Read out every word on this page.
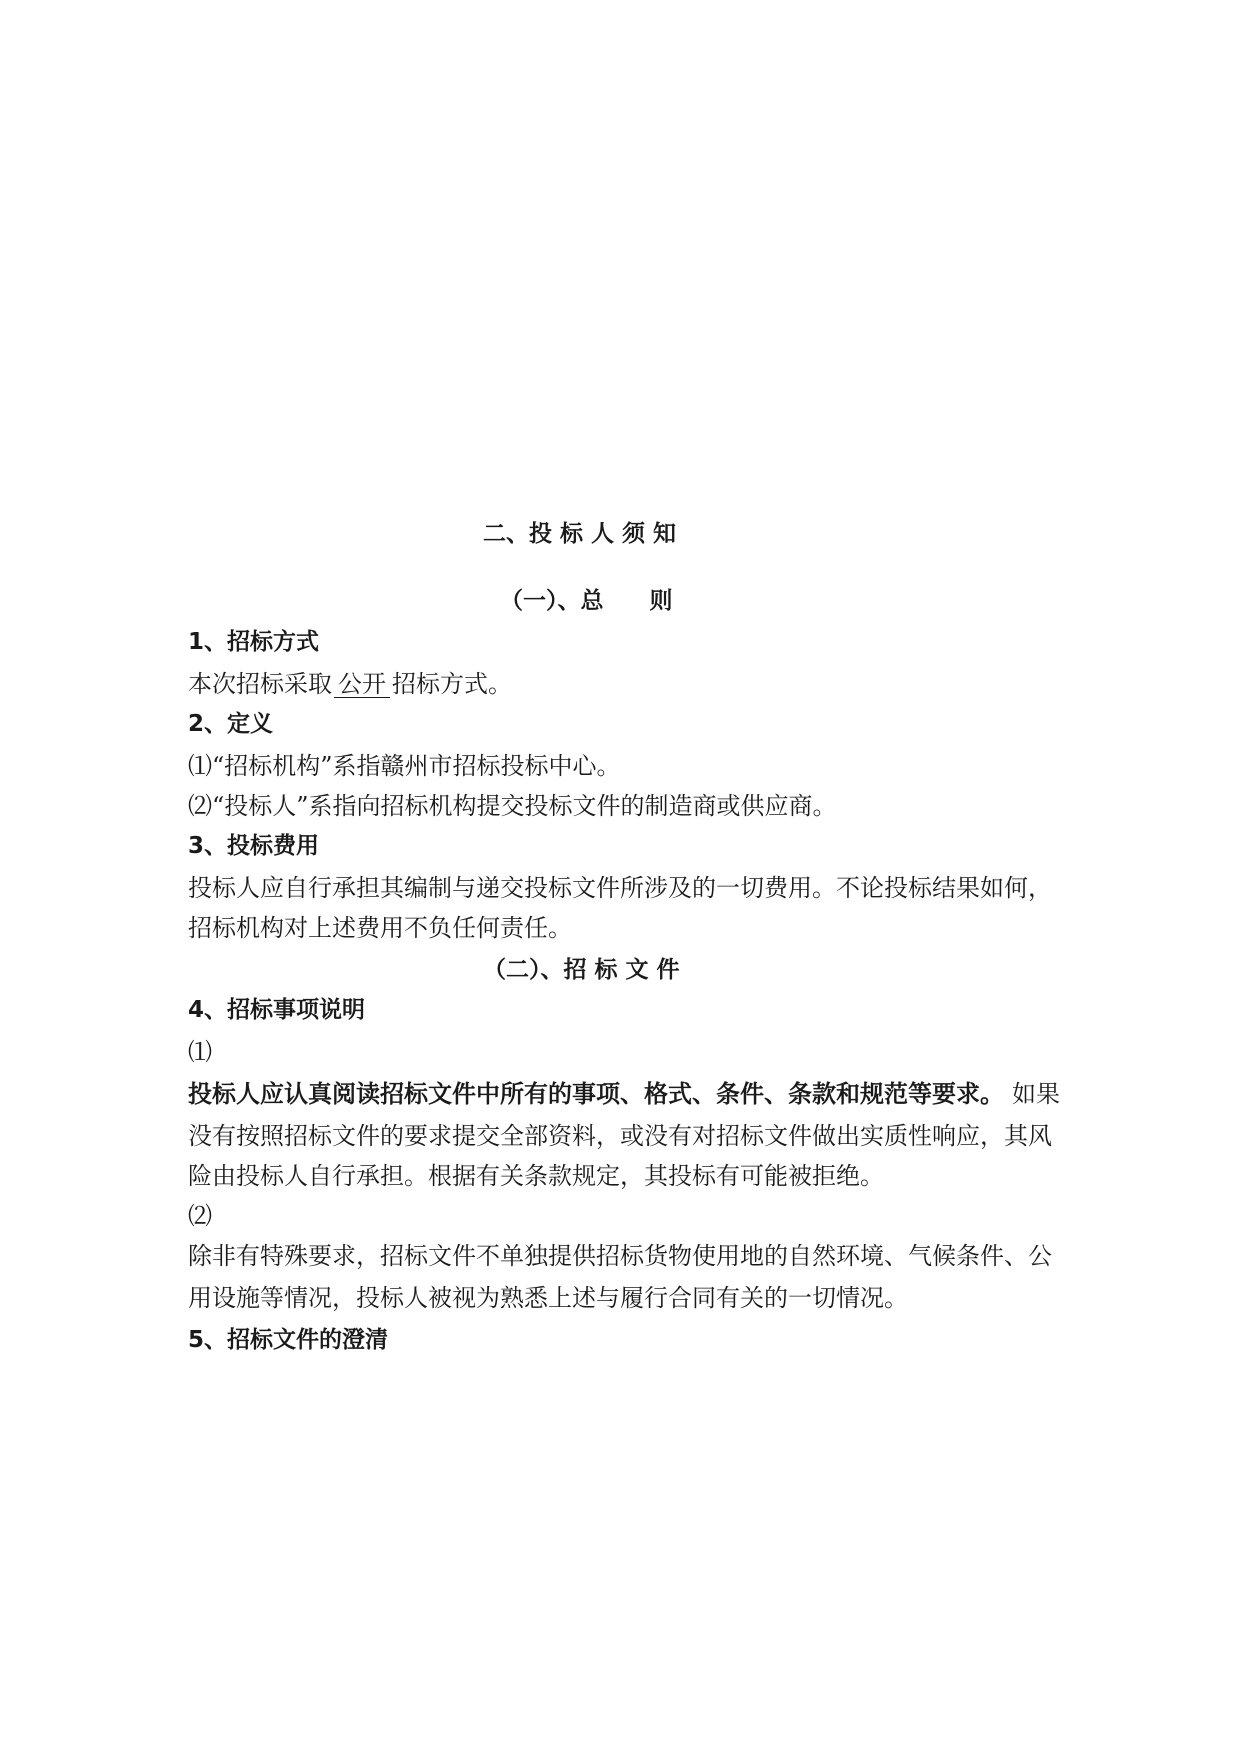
二、投 标 人 须 知
（一）、总　　则
1、招标方式
本次招标采取 公开 招标方式。
2、定义
⑴“招标机构”系指赣州市招标投标中心。
⑵“投标人”系指向招标机构提交投标文件的制造商或供应商。
3、投标费用
投标人应自行承担其编制与递交投标文件所涉及的一切费用。不论投标结果如何，
招标机构对上述费用不负任何责任。
（二）、招 标 文 件
4、招标事项说明
⑴
投标人应认真阅读招标文件中所有的事项、格式、条件、条款和规范等要求。 如果
没有按照招标文件的要求提交全部资料，或没有对招标文件做出实质性响应，其风
险由投标人自行承担。根据有关条款规定，其投标有可能被拒绝。
⑵
除非有特殊要求，招标文件不单独提供招标货物使用地的自然环境、气候条件、公
用设施等情况，投标人被视为熟悉上述与履行合同有关的一切情况。
5、招标文件的澄清
